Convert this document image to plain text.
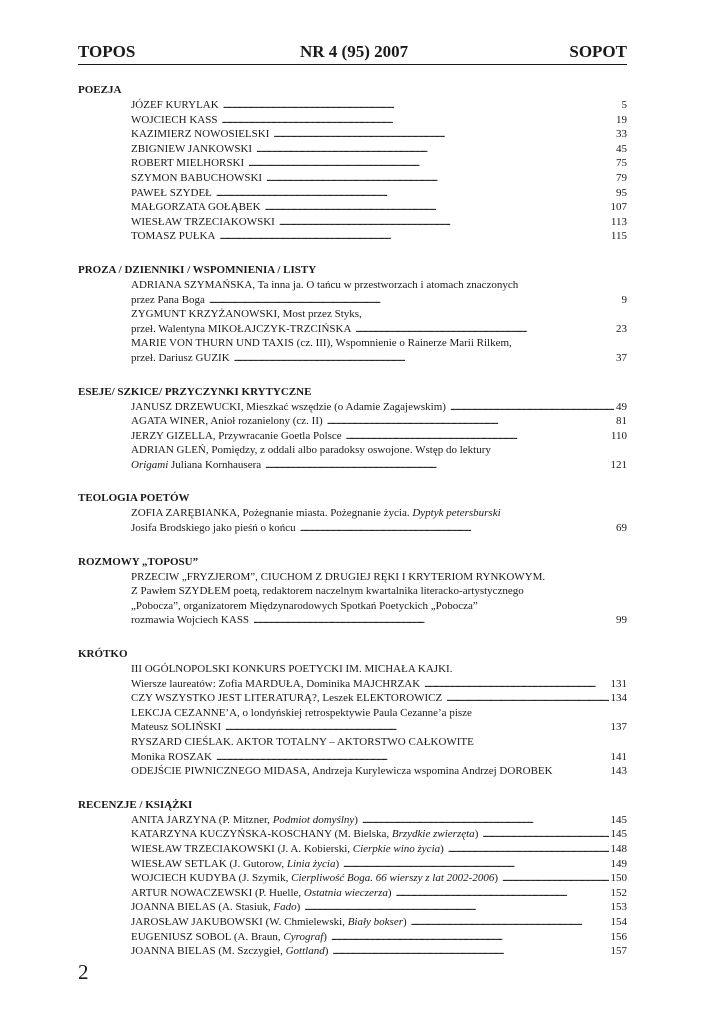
TOPOS	NR 4 (95) 2007	SOPOT
POEZJA
JÓZEF KURYLAK . . .	5
WOJCIECH KASS . . .	19
KAZIMIERZ NOWOSIELSKI . . .	33
ZBIGNIEW JANKOWSKI . . .	45
ROBERT MIELHORSKI . . .	75
SZYMON BABUCHOWSKI . . .	79
PAWEŁ SZYDEŁ . . .	95
MAŁGORZATA GOŁĄBEK . . .	107
WIESŁAW TRZECIAKOWSKI . . .	113
TOMASZ PUŁKA . . .	115
PROZA / DZIENNIKI / WSPOMNIENIA / LISTY
ADRIANA SZYMAŃSKA, Ta inna ja. O tańcu w przestworzach i atomach znaczonych
przez Pana Boga . . .	9
ZYGMUNT KRZYŻANOWSKI, Most przez Styks,
przeł. Walentyna MIKOŁAJCZYK-TRZCIŃSKA . . .	23
MARIE VON THURN UND TAXIS (cz. III), Wspomnienie o Rainerze Marii Rilkem,
przeł. Dariusz GUZIK . . .	37
ESEJE/ SZKICE/ PRZYCZYNKI KRYTYCZNE
JANUSZ DRZEWUCKI, Mieszkać wszędzie (o Adamie Zagajewskim) . . .	49
AGATA WINER, Anioł rozanielony (cz. II) . . .	81
JERZY GIZELLA, Przywracanie Goetla Polsce . . .	110
ADRIAN GLEŃ, Pomiędzy, z oddali albo paradoksy oswojone. Wstęp do lektury
Origami Juliana Kornhausera . . .	121
TEOLOGIA POETÓW
ZOFIA ZARĘBIANKA, Pożegnanie miasta. Pożegnanie życia. Dyptyk petersburski
Josifa Brodskiego jako pieśń o końcu . . .	69
ROZMOWY „TOPOSU”
PRZECIW „FRYZJEROM”, CIUCHOM Z DRUGIEJ RĘKI I KRYTERIOM RYNKOWYM.
Z Pawłem SZYDŁEM poetą, redaktorem naczelnym kwartalnika literacko-artystycznego
„Pobocza”, organizatorem Międzynarodowych Spotkań Poetyckich „Pobocza”
rozmawia Wojciech KASS . . .	99
KRÓTKO
III OGÓLNOPOLSKI KONKURS POETYCKI IM. MICHAŁA KAJKI.
Wiersze laureatów: Zofia MARDUŁA, Dominika MAJCHRZAK . . .	131
CZY WSZYSTKO JEST LITERATURĄ?, Leszek ELEKTOROWICZ . . .	134
LEKCJA CEZANNE’A, o londyńskiej retrospektywie Paula Cezanne’a pisze
Mateusz SOLIŃSKI . . .	137
RYSZARD CIEŚLAK. AKTOR TOTALNY – AKTORSTWO CAŁKOWITE
Monika ROSZAK . . .	141
ODEJŚCIE PIWNICZNEGO MIDASA, Andrzeja Kurylewicza wspomina Andrzej DOROBEK	143
RECENZJE / KSIĄŻKI
ANITA JARZYNA (P. Mitzner, Podmiot domyślny) . . .	145
KATARZYNA KUCZYŃSKA-KOSCHANY (M. Bielska, Brzydkie zwierzęta) . . .	145
WIESŁAW TRZECIAKOWSKI (J. A. Kobierski, Cierpkie wino życia) . . .	148
WIESŁAW SETLAK (J. Gutorow, Linia życia) . . .	149
WOJCIECH KUDYBA (J. Szymik, Cierpliwość Boga. 66 wierszy z lat 2002-2006) . . .	150
ARTUR NOWACZEWSKI (P. Huelle, Ostatnia wieczerza) . . .	152
JOANNA BIELAS (A. Stasiuk, Fado) . . .	153
JAROSŁAW JAKUBOWSKI (W. Chmielewski, Biały bokser) . . .	154
EUGENIUSZ SOBOL (A. Braun, Cyrograf) . . .	156
JOANNA BIELAS (M. Szczygieł, Gottland) . . .	157
2
